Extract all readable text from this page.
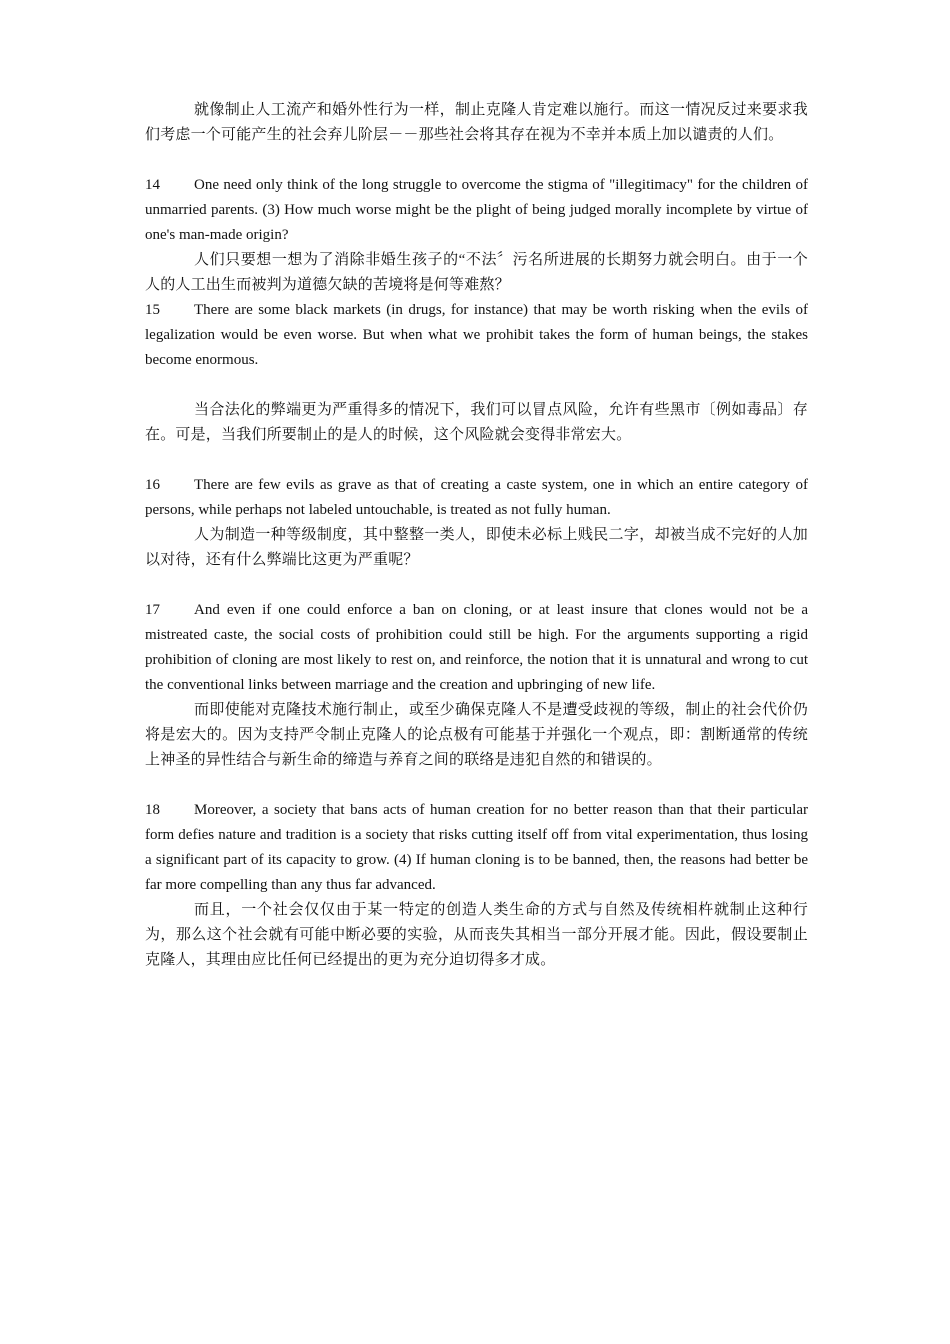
就像制止人工流产和婚外性行为一样，制止克隆人肯定难以施行。而这一情况反过来要求我们考虑一个可能产生的社会弃儿阶层－－那些社会将其存在视为不幸并本质上加以谴责的人们。

14 One need only think of the long struggle to overcome the stigma of "illegitimacy" for the children of unmarried parents. (3) How much worse might be the plight of being judged morally incomplete by virtue of one's man-made origin?

人们只要想一想为了消除非婚生孩子的“不法〞污名所进展的长期努力就会明白。由于一个人的人工出生而被判为道德欠缺的苦境将是何等难熬？

15 There are some black markets (in drugs, for instance) that may be worth risking when the evils of legalization would be even worse. But when what we prohibit takes the form of human beings, the stakes become enormous.

当合法化的弊端更为严重得多的情况下，我们可以冒点风险，允许有些黑市〔例如毒品〕存在。可是，当我们所要制止的是人的时候，这个风险就会变得非常宏大。

16 There are few evils as grave as that of creating a caste system, one in which an entire category of persons, while perhaps not labeled untouchable, is treated as not fully human.

人为制造一种等级制度，其中整整一类人，即使未必标上贱民二字，却被当成不完好的人加以对待，还有什么弊端比这更为严重呢？

17 And even if one could enforce a ban on cloning, or at least insure that clones would not be a mistreated caste, the social costs of prohibition could still be high. For the arguments supporting a rigid prohibition of cloning are most likely to rest on, and reinforce, the notion that it is unnatural and wrong to cut the conventional links between marriage and the creation and upbringing of new life.

而即使能对克隆技术施行制止，或至少确保克隆人不是遭受歧视的等级，制止的社会代价仍将是宏大的。因为支持严令制止克隆人的论点极有可能基于并强化一个观点，即：割断通常的传统上神圣的异性结合与新生命的缔造与养育之间的联络是违犯自然的和错误的。

18 Moreover, a society that bans acts of human creation for no better reason than that their particular form defies nature and tradition is a society that risks cutting itself off from vital experimentation, thus losing a significant part of its capacity to grow. (4) If human cloning is to be banned, then, the reasons had better be far more compelling than any thus far advanced.

而且，一个社会仅仅由于某一特定的创造人类生命的方式与自然及传统相杵就制止这种行为，那么这个社会就有可能中断必要的实验，从而丧失其相当一部分开展才能。因此，假设要制止克隆人，其理由应比任何已经提出的更为充分迫切得多才成。
